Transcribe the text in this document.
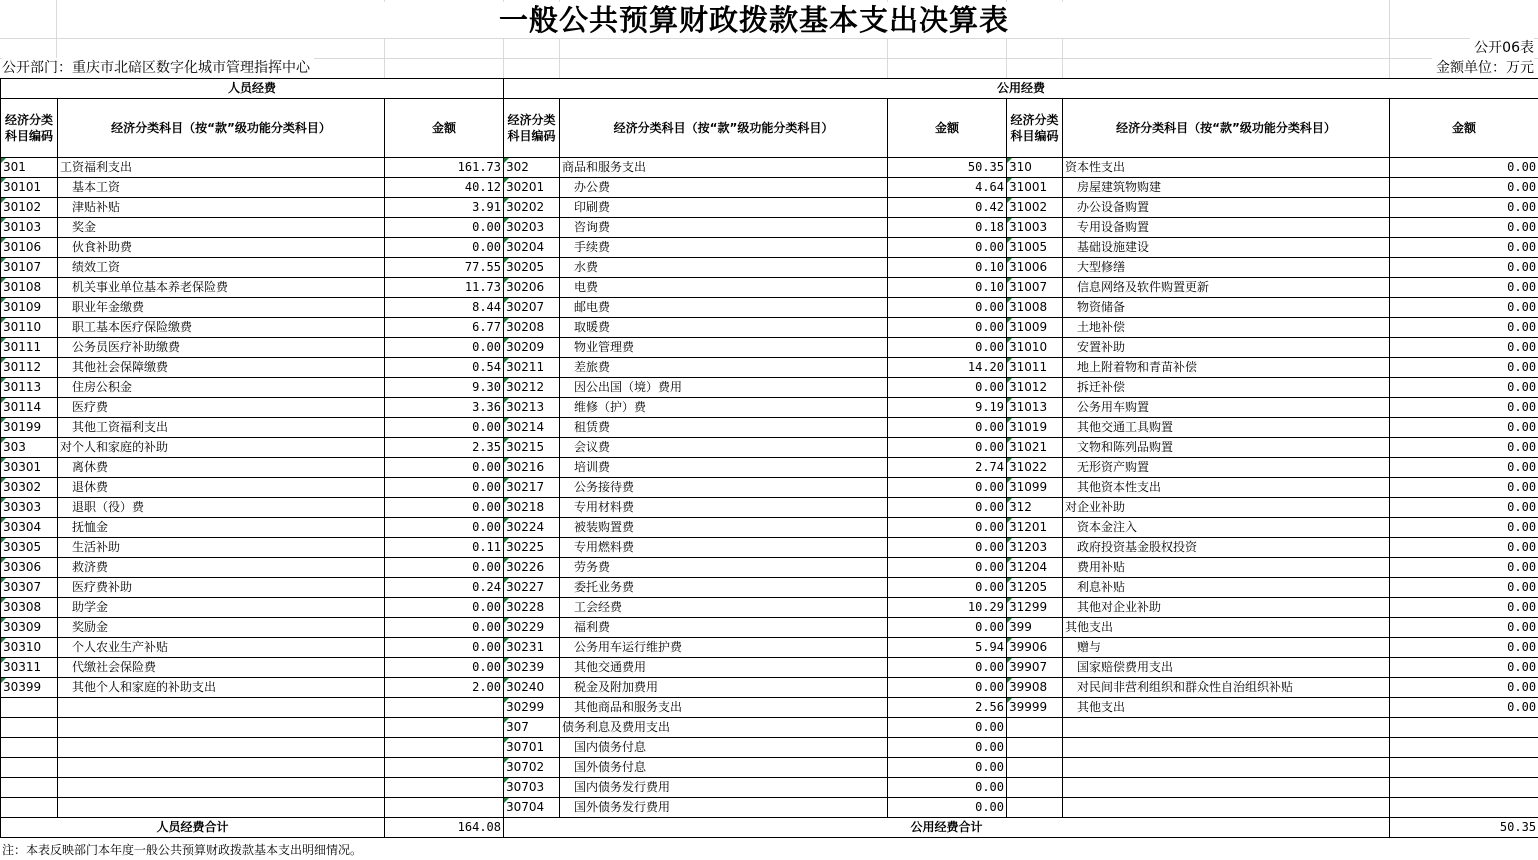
一般公共预算财政拨款基本支出决算表
公开06表
公开部门：重庆市北碚区数字化城市管理指挥中心	金额单位：万元
人员经费			公用经费					
经济分类科目编码	经济分类科目（按“款”级功能分类科目）	金额	经济分类科目编码	经济分类科目（按“款”级功能分类科目）	金额	经济分类科目编码	经济分类科目（按“款”级功能分类科目）	金额
301	工资福利支出	161.73	302	商品和服务支出	50.35	310	资本性支出	0.00
30101	基本工资	40.12	30201	办公费	4.64	31001	房屋建筑物购建	0.00
30102	津贴补贴	3.91	30202	印刷费	0.42	31002	办公设备购置	0.00
30103	奖金	0.00	30203	咨询费	0.18	31003	专用设备购置	0.00
30106	伙食补助费	0.00	30204	手续费	0.00	31005	基础设施建设	0.00
30107	绩效工资	77.55	30205	水费	0.10	31006	大型修缮	0.00
30108	机关事业单位基本养老保险费	11.73	30206	电费	0.10	31007	信息网络及软件购置更新	0.00
30109	职业年金缴费	8.44	30207	邮电费	0.00	31008	物资储备	0.00
30110	职工基本医疗保险缴费	6.77	30208	取暖费	0.00	31009	土地补偿	0.00
30111	公务员医疗补助缴费	0.00	30209	物业管理费	0.00	31010	安置补助	0.00
30112	其他社会保障缴费	0.54	30211	差旅费	14.20	31011	地上附着物和青苗补偿	0.00
30113	住房公积金	9.30	30212	因公出国（境）费用	0.00	31012	拆迁补偿	0.00
30114	医疗费	3.36	30213	维修（护）费	9.19	31013	公务用车购置	0.00
30199	其他工资福利支出	0.00	30214	租赁费	0.00	31019	其他交通工具购置	0.00
303	对个人和家庭的补助	2.35	30215	会议费	0.00	31021	文物和陈列品购置	0.00
30301	离休费	0.00	30216	培训费	2.74	31022	无形资产购置	0.00
30302	退休费	0.00	30217	公务接待费	0.00	31099	其他资本性支出	0.00
30303	退职（役）费	0.00	30218	专用材料费	0.00	312	对企业补助	0.00
30304	抚恤金	0.00	30224	被装购置费	0.00	31201	资本金注入	0.00
30305	生活补助	0.11	30225	专用燃料费	0.00	31203	政府投资基金股权投资	0.00
30306	救济费	0.00	30226	劳务费	0.00	31204	费用补贴	0.00
30307	医疗费补助	0.24	30227	委托业务费	0.00	31205	利息补贴	0.00
30308	助学金	0.00	30228	工会经费	10.29	31299	其他对企业补助	0.00
30309	奖励金	0.00	30229	福利费	0.00	399	其他支出	0.00
30310	个人农业生产补贴	0.00	30231	公务用车运行维护费	5.94	39906	赠与	0.00
30311	代缴社会保险费	0.00	30239	其他交通费用	0.00	39907	国家赔偿费用支出	0.00
30399	其他个人和家庭的补助支出	2.00	30240	税金及附加费用	0.00	39908	对民间非营利组织和群众性自治组织补贴	0.00
			30299	其他商品和服务支出	2.56	39999	其他支出	0.00
			307	债务利息及费用支出	0.00			
			30701	国内债务付息	0.00			
			30702	国外债务付息	0.00			
			30703	国内债务发行费用	0.00			
			30704	国外债务发行费用	0.00			
人员经费合计		164.08	公用经费合计					50.35
注：本表反映部门本年度一般公共预算财政拨款基本支出明细情况。
